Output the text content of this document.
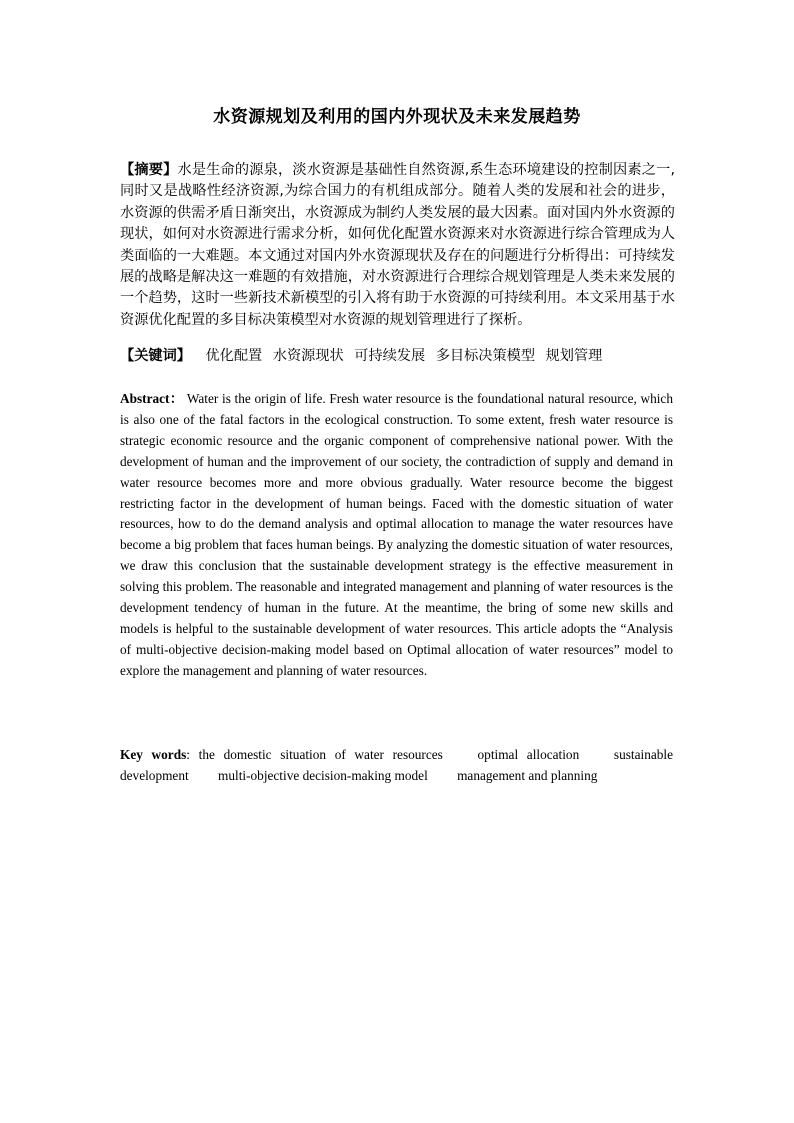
水资源规划及利用的国内外现状及未来发展趋势
【摘要】水是生命的源泉，淡水资源是基础性自然资源,系生态环境建设的控制因素之一,同时又是战略性经济资源,为综合国力的有机组成部分。随着人类的发展和社会的进步，水资源的供需矛盾日渐突出，水资源成为制约人类发展的最大因素。面对国内外水资源的现状，如何对水资源进行需求分析，如何优化配置水资源来对水资源进行综合管理成为人类面临的一大难题。本文通过对国内外水资源现状及存在的问题进行分析得出：可持续发展的战略是解决这一难题的有效措施，对水资源进行合理综合规划管理是人类未来发展的一个趋势，这时一些新技术新模型的引入将有助于水资源的可持续利用。本文采用基于水资源优化配置的多目标决策模型对水资源的规划管理进行了探析。
【关键词】 优化配置 水资源现状 可持续发展 多目标决策模型 规划管理
Abstract： Water is the origin of life. Fresh water resource is the foundational natural resource, which is also one of the fatal factors in the ecological construction. To some extent, fresh water resource is strategic economic resource and the organic component of comprehensive national power. With the development of human and the improvement of our society, the contradiction of supply and demand in water resource becomes more and more obvious gradually. Water resource become the biggest restricting factor in the development of human beings. Faced with the domestic situation of water resources, how to do the demand analysis and optimal allocation to manage the water resources have become a big problem that faces human beings. By analyzing the domestic situation of water resources, we draw this conclusion that the sustainable development strategy is the effective measurement in solving this problem. The reasonable and integrated management and planning of water resources is the development tendency of human in the future. At the meantime, the bring of some new skills and models is helpful to the sustainable development of water resources. This article adopts the “Analysis of multi-objective decision-making model based on Optimal allocation of water resources” model to explore the management and planning of water resources.
Key words: the domestic situation of water resources	optimal allocation	sustainable development multi-objective decision-making model management and planning
